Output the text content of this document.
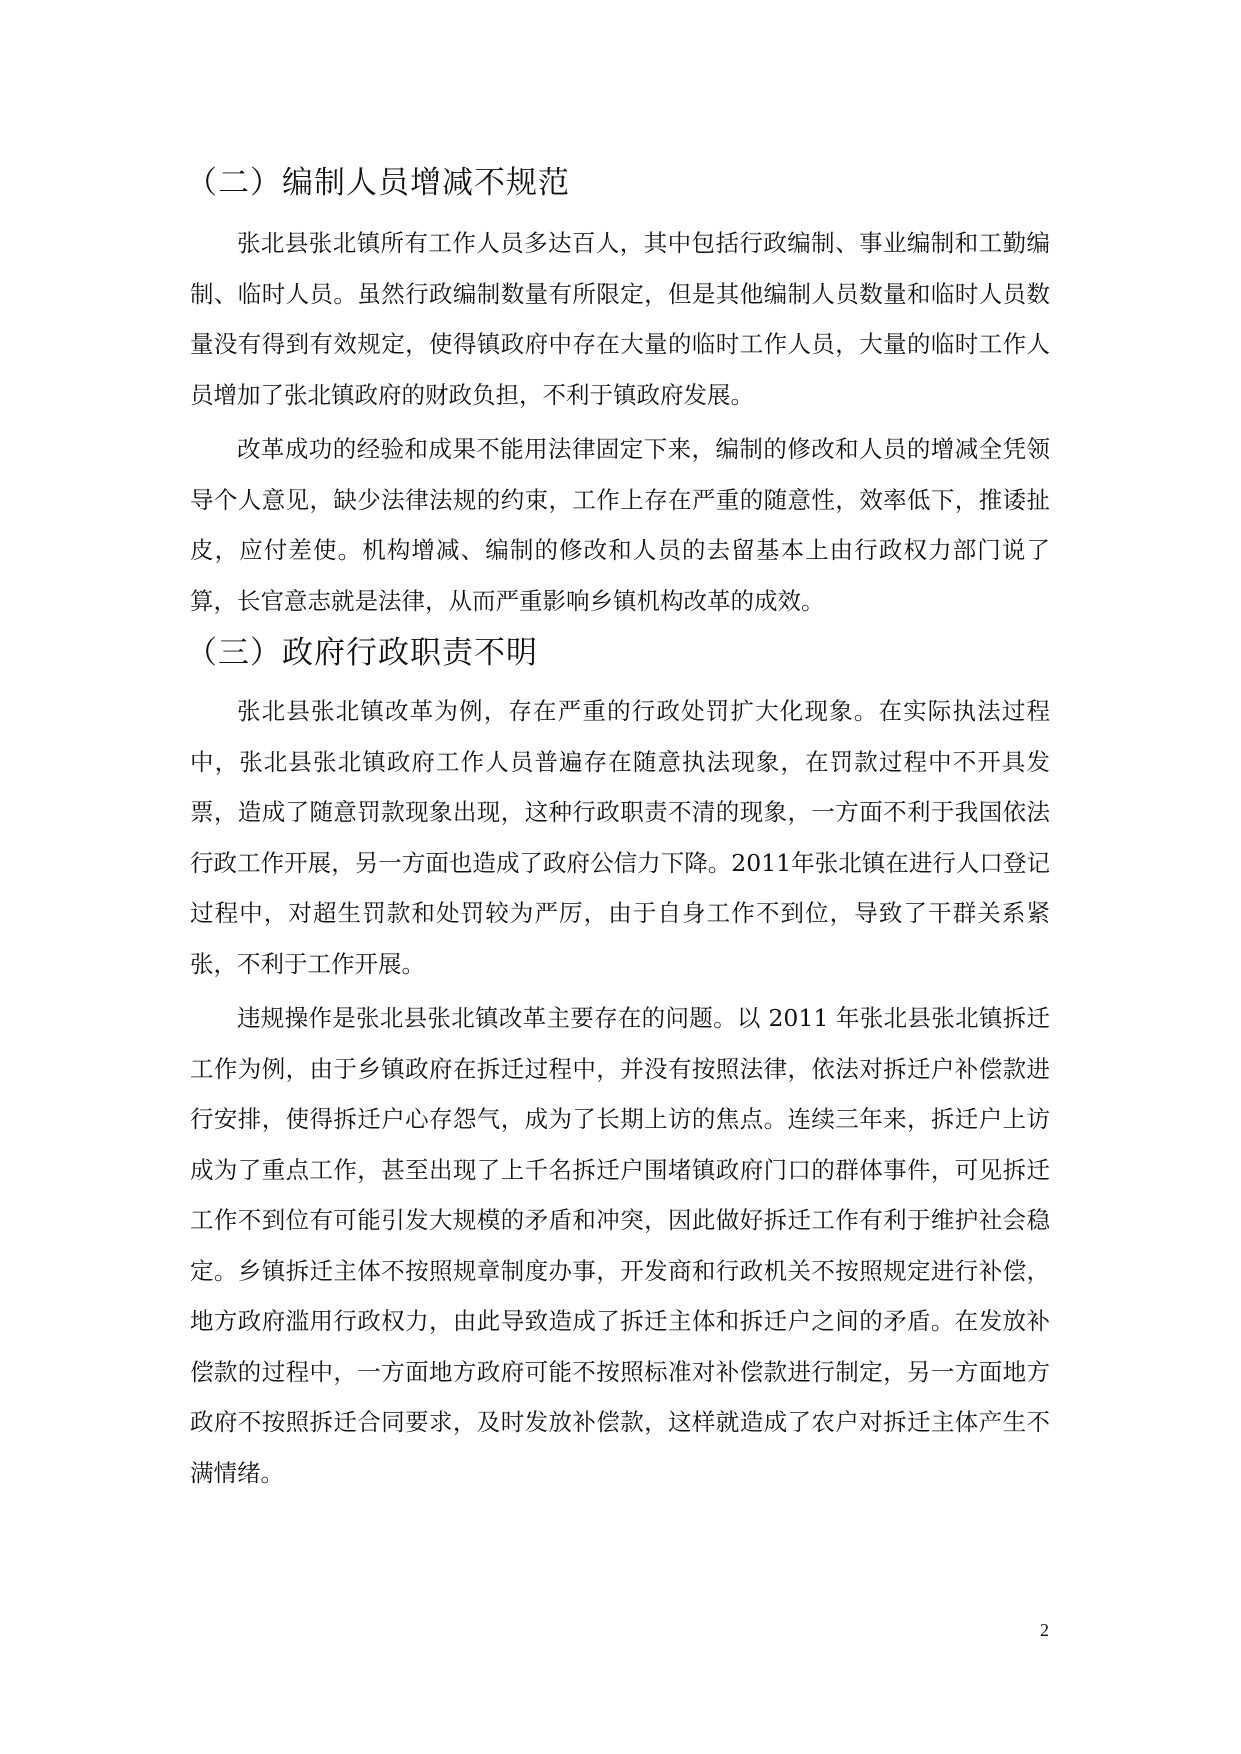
（二）编制人员增减不规范

张北县张北镇所有工作人员多达百人，其中包括行政编制、事业编制和工勤编制、临时人员。虽然行政编制数量有所限定，但是其他编制人员数量和临时人员数量没有得到有效规定，使得镇政府中存在大量的临时工作人员，大量的临时工作人员增加了张北镇政府的财政负担，不利于镇政府发展。

改革成功的经验和成果不能用法律固定下来，编制的修改和人员的增减全凭领导个人意见，缺少法律法规的约束，工作上存在严重的随意性，效率低下，推诿扯皮，应付差使。机构增减、编制的修改和人员的去留基本上由行政权力部门说了算，长官意志就是法律，从而严重影响乡镇机构改革的成效。

（三）政府行政职责不明

张北县张北镇改革为例，存在严重的行政处罚扩大化现象。在实际执法过程中，张北县张北镇政府工作人员普遍存在随意执法现象，在罚款过程中不开具发票，造成了随意罚款现象出现，这种行政职责不清的现象，一方面不利于我国依法行政工作开展，另一方面也造成了政府公信力下降。2011年张北镇在进行人口登记过程中，对超生罚款和处罚较为严厉，由于自身工作不到位，导致了干群关系紧张，不利于工作开展。

违规操作是张北县张北镇改革主要存在的问题。以 2011 年张北县张北镇拆迁工作为例，由于乡镇政府在拆迁过程中，并没有按照法律，依法对拆迁户补偿款进行安排，使得拆迁户心存怨气，成为了长期上访的焦点。连续三年来，拆迁户上访成为了重点工作，甚至出现了上千名拆迁户围堵镇政府门口的群体事件，可见拆迁工作不到位有可能引发大规模的矛盾和冲突，因此做好拆迁工作有利于维护社会稳定。乡镇拆迁主体不按照规章制度办事，开发商和行政机关不按照规定进行补偿，地方政府滥用行政权力，由此导致造成了拆迁主体和拆迁户之间的矛盾。在发放补偿款的过程中，一方面地方政府可能不按照标准对补偿款进行制定，另一方面地方政府不按照拆迁合同要求，及时发放补偿款，这样就造成了农户对拆迁主体产生不满情绪。

2
